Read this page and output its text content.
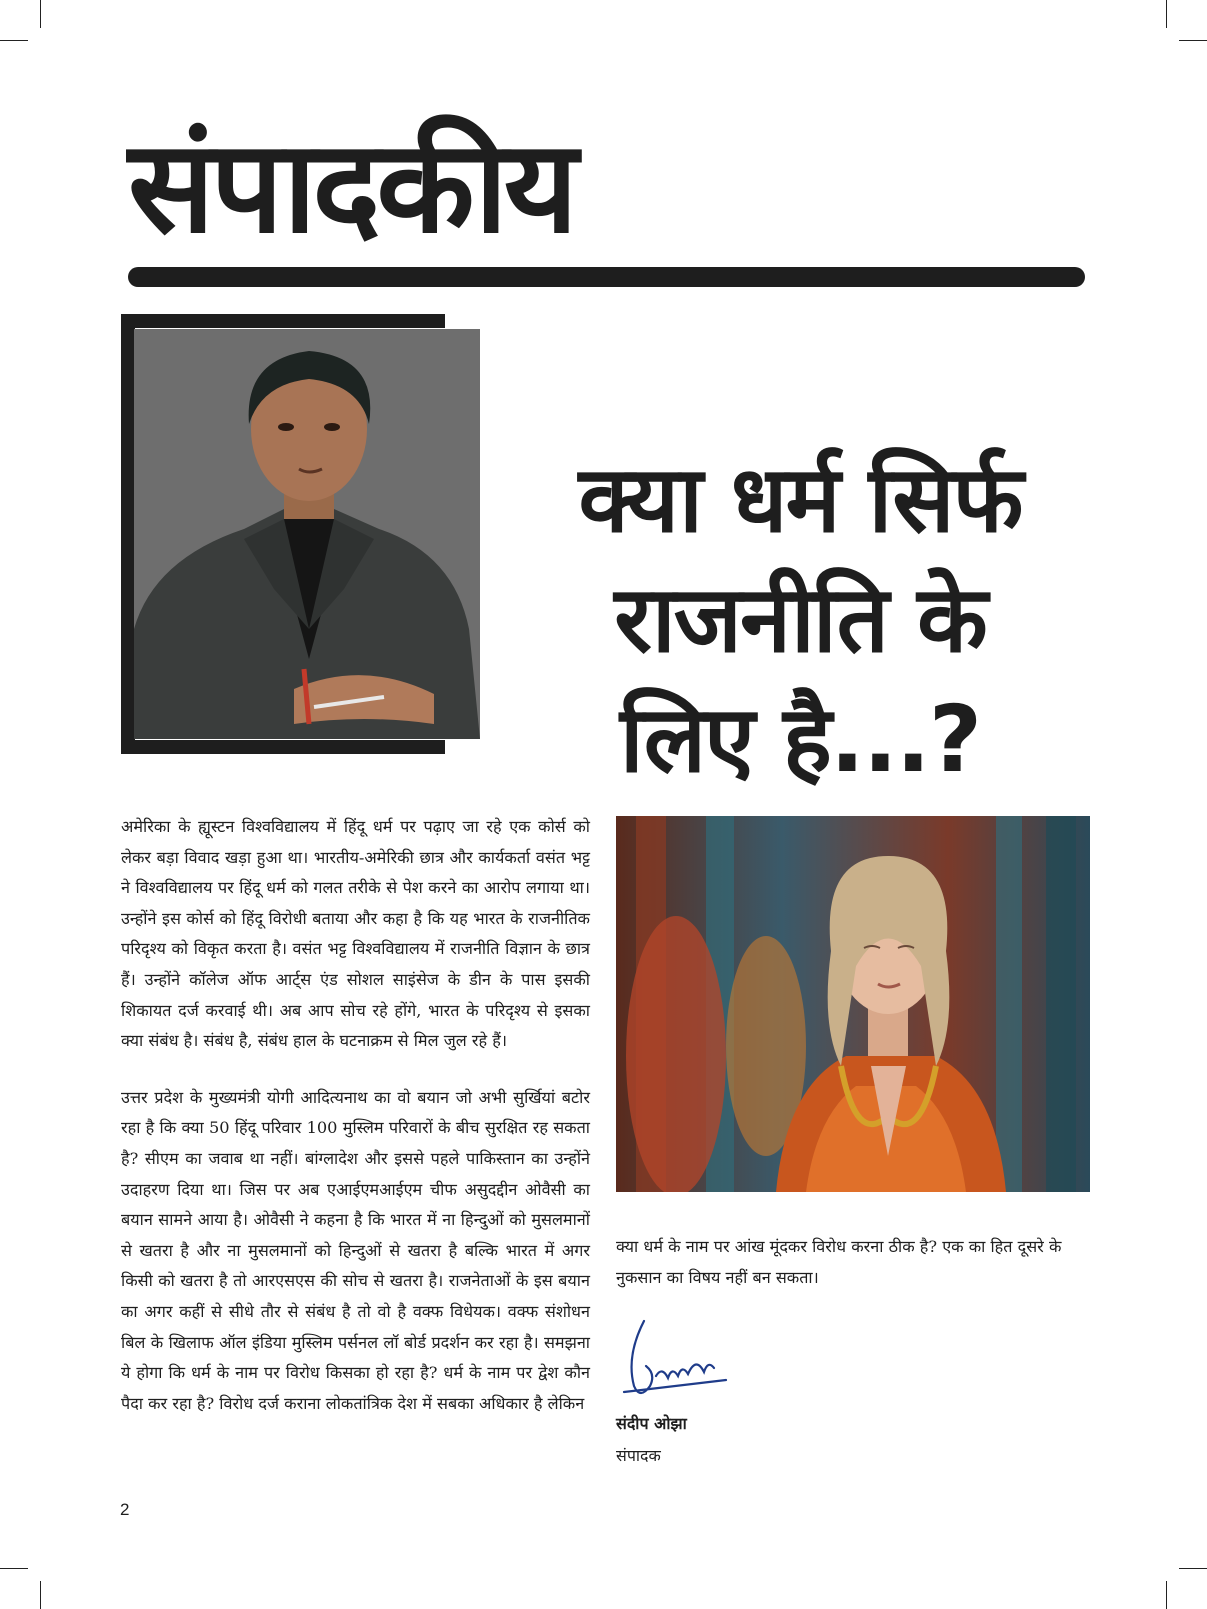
संपादकीय
क्या धर्म सिर्फ
राजनीति के
लिए है...?

अमेरिका के ह्यूस्टन विश्वविद्यालय में हिंदू धर्म पर पढ़ाए जा रहे एक कोर्स को लेकर बड़ा विवाद खड़ा हुआ था। भारतीय-अमेरिकी छात्र और कार्यकर्ता वसंत भट्ट ने विश्वविद्यालय पर हिंदू धर्म को गलत तरीके से पेश करने का आरोप लगाया था। उन्होंने इस कोर्स को हिंदू विरोधी बताया और कहा है कि यह भारत के राजनीतिक परिदृश्य को विकृत करता है। वसंत भट्ट विश्वविद्यालय में राजनीति विज्ञान के छात्र हैं। उन्होंने कॉलेज ऑफ आर्ट्स एंड सोशल साइंसेज के डीन के पास इसकी शिकायत दर्ज करवाई थी। अब आप सोच रहे होंगे, भारत के परिदृश्य से इसका क्या संबंध है। संबंध है, संबंध हाल के घटनाक्रम से मिल जुल रहे हैं।

उत्तर प्रदेश के मुख्यमंत्री योगी आदित्यनाथ का वो बयान जो अभी सुर्खियां बटोर रहा है कि क्या 50 हिंदू परिवार 100 मुस्लिम परिवारों के बीच सुरक्षित रह सकता है? सीएम का जवाब था नहीं। बांग्लादेश और इससे पहले पाकिस्तान का उन्होंने उदाहरण दिया था। जिस पर अब एआईएमआईएम चीफ असुदद्दीन ओवैसी का बयान सामने आया है। ओवैसी ने कहना है कि भारत में ना हिन्दुओं को मुसलमानों से खतरा है और ना मुसलमानों को हिन्दुओं से खतरा है बल्कि भारत में अगर किसी को खतरा है तो आरएसएस की सोच से खतरा है। राजनेताओं के इस बयान का अगर कहीं से सीधे तौर से संबंध है तो वो है वक्फ विधेयक। वक्फ संशोधन बिल के खिलाफ ऑल इंडिया मुस्लिम पर्सनल लॉ बोर्ड प्रदर्शन कर रहा है। समझना ये होगा कि धर्म के नाम पर विरोध किसका हो रहा है? धर्म के नाम पर द्वेश कौन पैदा कर रहा है? विरोध दर्ज कराना लोकतांत्रिक देश में सबका अधिकार है लेकिन

क्या धर्म के नाम पर आंख मूंदकर विरोध करना ठीक है? एक का हित दूसरे के नुकसान का विषय नहीं बन सकता।
संदीप ओझा
संपादक
2
